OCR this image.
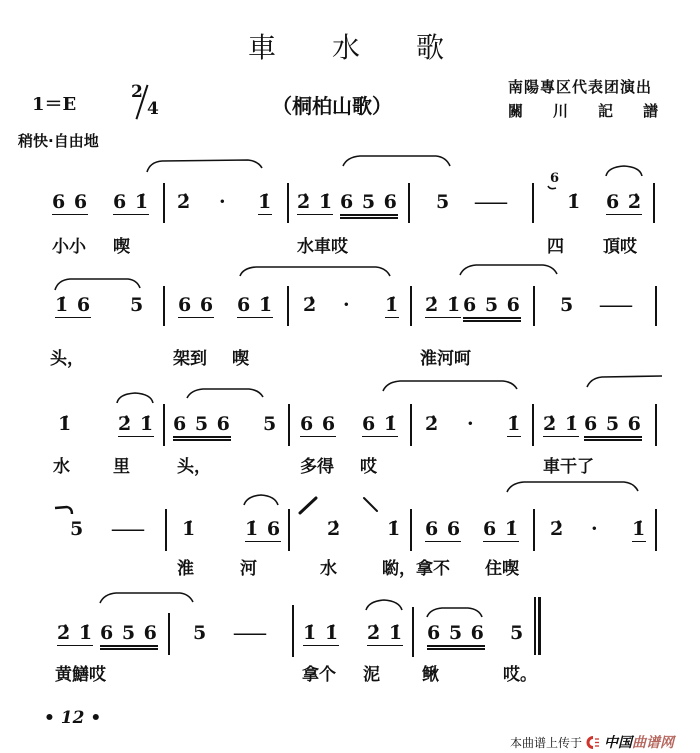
車水歌
1＝E
2
4	（桐柏山歌）
南陽專区代表团演出
關川記譜
稍快·自由地
6 6 6 1̇ 2̇ · 1̇ 2̇ 1̇ 6 5 6 5 —
6
1̇ 6 2̇
小小 喫	水車哎	四 頂哎
1̇ 6 5 6 6 6 1̇ 2̇ · 1̇ 2̇ 1̇ 6 5 6 5 —
头，	架到 喫	淮河呵
1̇ 2̇ 1̇ 6 5 6 5 6 6 6 1̇ 2̇ · 1̇ 2̇ 1̇ 6 5 6
水	里	头，	多得 哎	車干了
5 — 1̇	1̇ 6 2̇ 1̇ 6 6 6 1̇ 2̇ · 1̇
淮	河	水	喲，拿不 住喫
2̇ 1̇ 6 5 6 5 — 1̇ 1̇ 2̇ 1̇ 6 5 6 5
黄鱔哎	拿个 泥 鳅	哎。
• 12 •
本曲谱上传于 中国曲谱网
